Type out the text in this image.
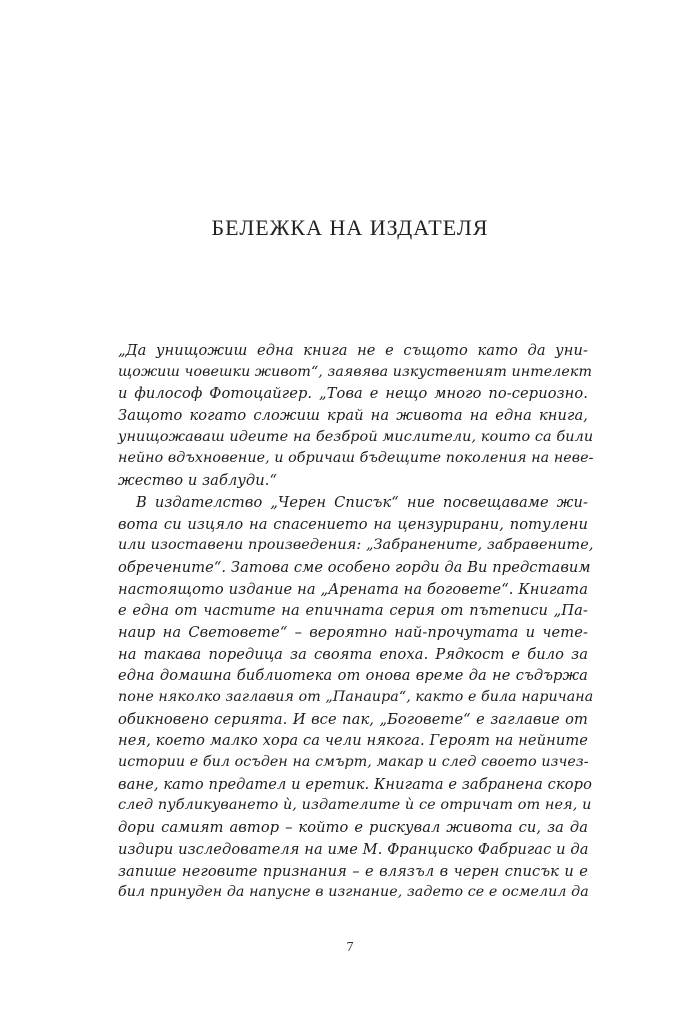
БЕЛЕЖКА НА ИЗДАТЕЛЯ
„Да унищожиш една книга не е същото като да уни-
щожиш човешки живот“, заявява изкуственият интелект
и философ Фотоцайгер. „Това е нещо много по-сериозно.
Защото когато сложиш край на живота на една книга,
унищожаваш идеите на безброй мислители, които са били
нейно вдъхновение, и обричаш бъдещите поколения на неве-
жество и заблуди.“
В издателство „Черен Списък“ ние посвещаваме жи-
вота си изцяло на спасението на цензурирани, потулени
или изоставени произведения: „Забранените, забравените,
обречените“. Затова сме особено горди да Ви представим
настоящото издание на „Арената на боговете“. Книгата
е една от частите на епичната серия от пътеписи „Па-
наир на Световете“ – вероятно най-прочутата и чете-
на такава поредица за своята епоха. Рядкост е било за
една домашна библиотека от онова време да не съдържа
поне няколко заглавия от „Панаира“, както е била наричана
обикновено серията. И все пак, „Боговете“ е заглавие от
нея, което малко хора са чели някога. Героят на нейните
истории е бил осъден на смърт, макар и след своето изчез-
ване, като предател и еретик. Книгата е забранена скоро
след публикуването ѝ, издателите ѝ се отричат от нея, и
дори самият автор – който е рискувал живота си, за да
издири изследователя на име М. Франциско Фабригас и да
запише неговите признания – е влязъл в черен списък и е
бил принуден да напусне в изгнание, задето се е осмелил да
7
